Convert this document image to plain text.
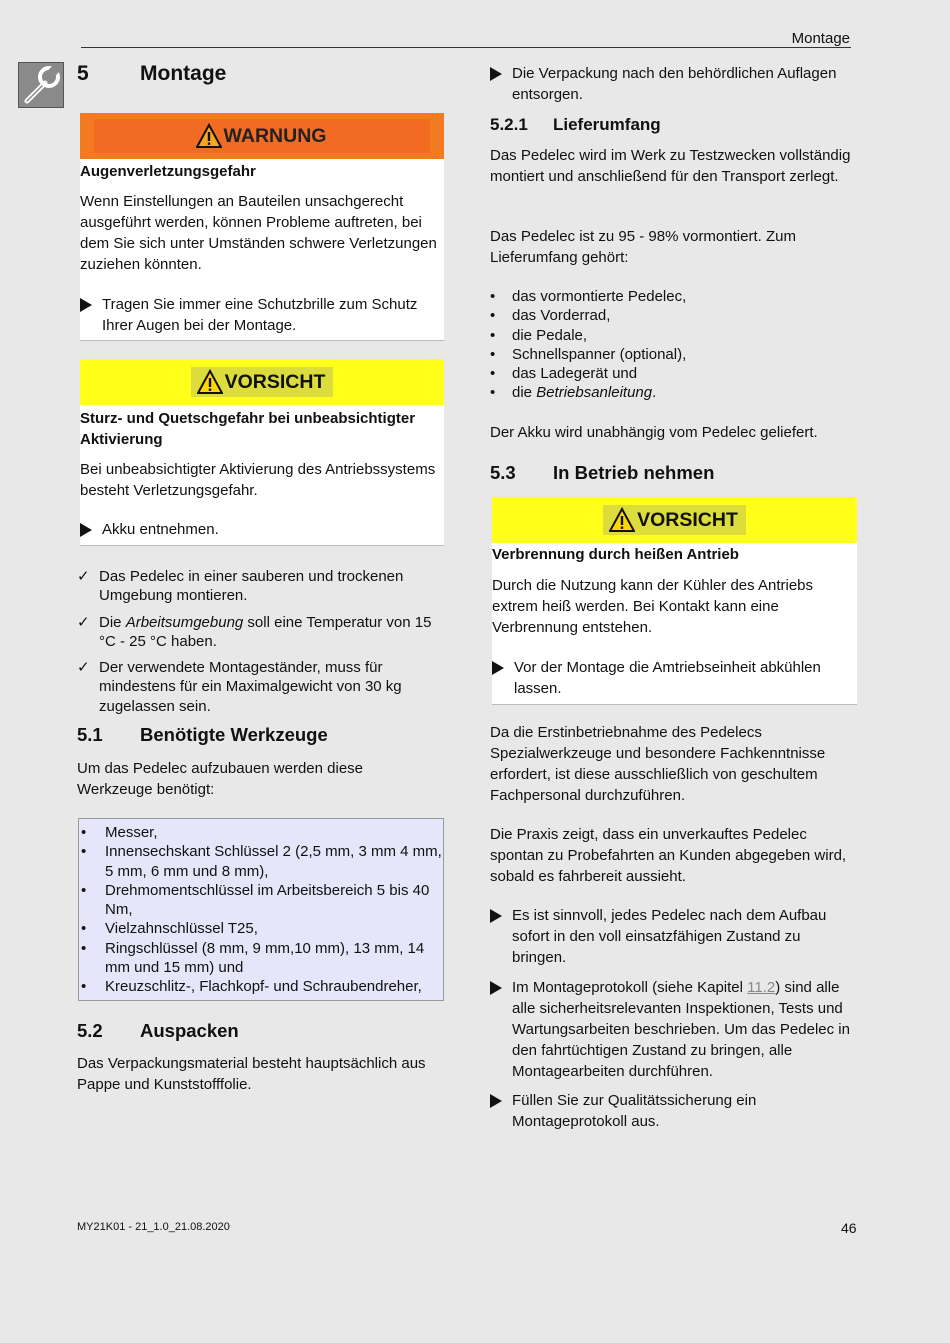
Montage
5 Montage
WARNUNG
Augenverletzungsgefahr
Wenn Einstellungen an Bauteilen unsachgerecht ausgeführt werden, können Probleme auftreten, bei dem Sie sich unter Umständen schwere Verletzungen zuziehen könnten.
Tragen Sie immer eine Schutzbrille zum Schutz Ihrer Augen bei der Montage.
VORSICHT
Sturz- und Quetschgefahr bei unbeabsichtigter Aktivierung
Bei unbeabsichtigter Aktivierung des Antriebssystems besteht Verletzungsgefahr.
Akku entnehmen.
✓ Das Pedelec in einer sauberen und trockenen Umgebung montieren.
✓ Die Arbeitsumgebung soll eine Temperatur von 15 °C - 25 °C haben.
✓ Der verwendete Montageständer, muss für mindestens für ein Maximalgewicht von 30 kg zugelassen sein.
5.1 Benötigte Werkzeuge
Um das Pedelec aufzubauen werden diese Werkzeuge benötigt:
•	Messer,
•	Innensechskant Schlüssel 2 (2,5 mm, 3 mm 4 mm, 5 mm, 6 mm und 8 mm),
•	Drehmomentschlüssel im Arbeitsbereich 5 bis 40 Nm,
•	Vielzahnschlüssel T25,
•	Ringschlüssel (8 mm, 9 mm,10 mm), 13 mm, 14 mm und 15 mm) und
•	Kreuzschlitz-, Flachkopf- und Schraubendreher,
5.2 Auspacken
Das Verpackungsmaterial besteht hauptsächlich aus Pappe und Kunststofffolie.
Die Verpackung nach den behördlichen Auflagen entsorgen.
5.2.1 Lieferumfang
Das Pedelec wird im Werk zu Testzwecken vollständig montiert und anschließend für den Transport zerlegt.
Das Pedelec ist zu 95 - 98% vormontiert. Zum Lieferumfang gehört:
•	das vormontierte Pedelec,
•	das Vorderrad,
•	die Pedale,
•	Schnellspanner (optional),
•	das Ladegerät und
•	die Betriebsanleitung.
Der Akku wird unabhängig vom Pedelec geliefert.
5.3 In Betrieb nehmen
VORSICHT
Verbrennung durch heißen Antrieb
Durch die Nutzung kann der Kühler des Antriebs extrem heiß werden. Bei Kontakt kann eine Verbrennung entstehen.
Vor der Montage die Amtriebseinheit abkühlen lassen.
Da die Erstinbetriebnahme des Pedelecs Spezialwerkzeuge und besondere Fachkenntnisse erfordert, ist diese ausschließlich von geschultem Fachpersonal durchzuführen.
Die Praxis zeigt, dass ein unverkauftes Pedelec spontan zu Probefahrten an Kunden abgegeben wird, sobald es fahrbereit aussieht.
Es ist sinnvoll, jedes Pedelec nach dem Aufbau sofort in den voll einsatzfähigen Zustand zu bringen.
Im Montageprotokoll (siehe Kapitel 11.2) sind alle alle sicherheitsrelevanten Inspektionen, Tests und Wartungsarbeiten beschrieben. Um das Pedelec in den fahrtüchtigen Zustand zu bringen, alle Montagearbeiten durchführen.
Füllen Sie zur Qualitätssicherung ein Montageprotokoll aus.
MY21K01 - 21_1.0_21.08.2020	46
